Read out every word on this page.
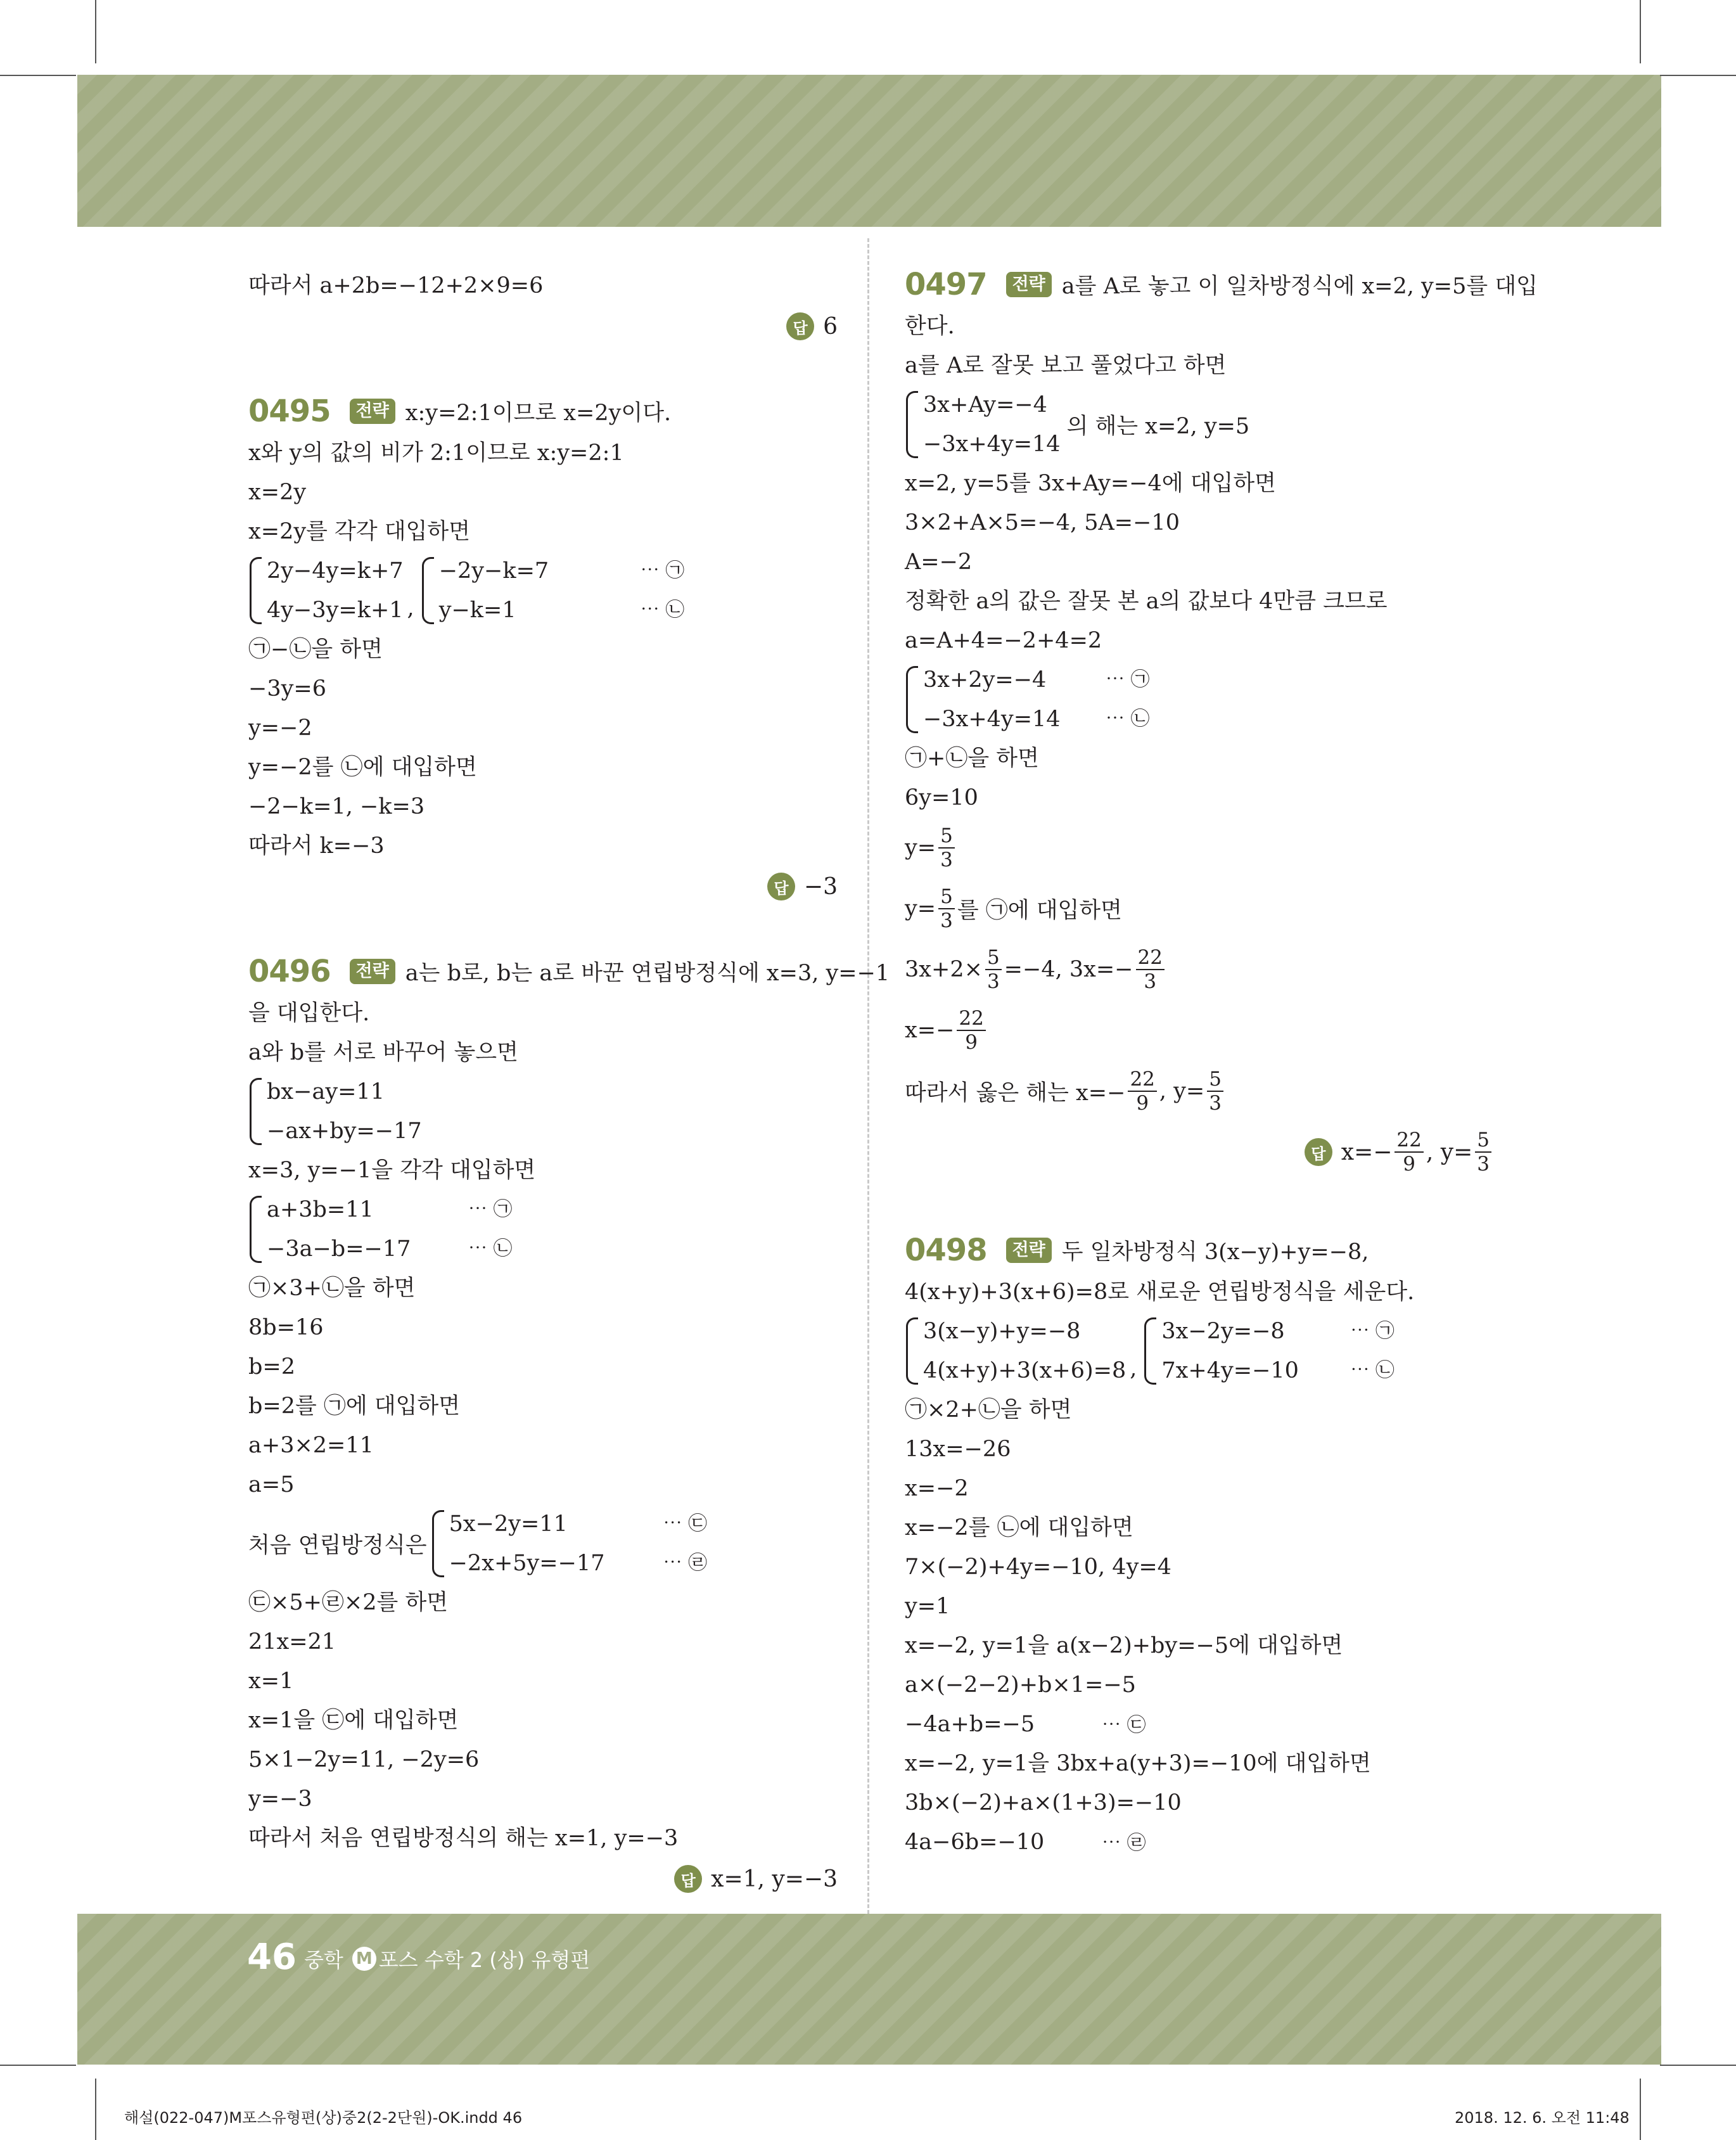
따라서 a+2b=−12+2×9=6
답 6
0495	전략 x:y=2:1이므로 x=2y이다.
x와 y의 값의 비가 2:1이므로 x:y=2:1
x=2y
x=2y를 각각 대입하면
2y−4y=k+7
4y−3y=k+1 ,
−2y−k=7
y−k=1
⋯ ㉠
⋯ ㉡
㉠−㉡을 하면
−3y=6
y=−2
y=−2를 ㉡에 대입하면
−2−k=1, −k=3
따라서 k=−3
답 −3
0496	전략 a는 b로, b는 a로 바꾼 연립방정식에 x=3, y=−1
을 대입한다.
a와 b를 서로 바꾸어 놓으면
bx−ay=11
−ax+by=−17
x=3, y=−1을 각각 대입하면
a+3b=11
−3a−b=−17
⋯ ㉠
⋯ ㉡
㉠×3+㉡을 하면
8b=16
b=2
b=2를 ㉠에 대입하면
a+3×2=11
a=5
처음 연립방정식은
5x−2y=11
−2x+5y=−17
⋯ ㉢
⋯ ㉣
㉢×5+㉣×2를 하면
21x=21
x=1
x=1을 ㉢에 대입하면
5×1−2y=11, −2y=6
y=−3
따라서 처음 연립방정식의 해는 x=1, y=−3
답 x=1, y=−3
0497	전략 a를 A로 놓고 이 일차방정식에 x=2, y=5를 대입
한다.
a를 A로 잘못 보고 풀었다고 하면
3x+Ay=−4
−3x+4y=14
의 해는 x=2, y=5
x=2, y=5를 3x+Ay=−4에 대입하면
3×2+A×5=−4, 5A=−10
A=−2
정확한 a의 값은 잘못 본 a의 값보다 4만큼 크므로
a=A+4=−2+4=2
3x+2y=−4
−3x+4y=14
⋯ ㉠
⋯ ㉡
㉠+㉡을 하면
6y=10
$y= \frac{5}{3}$
$y= \frac{5}{3}$ 를 ㉠에 대입하면
$3x+2\times \frac{5}{3} =-4$, $3x=- \frac{22}{3}$
$x=- \frac{22}{9}$
따라서 옳은 해는 $x=- \frac{22}{9}$ , $y= \frac{5}{3}$
답 $x=- \frac{22}{9}$ , $y= \frac{5}{3}$
0498	전략 두 일차방정식 3(x−y)+y=−8,
4(x+y)+3(x+6)=8로 새로운 연립방정식을 세운다.
3(x−y)+y=−8
4(x+y)+3(x+6)=8 ,
3x−2y=−8
7x+4y=−10
⋯ ㉠
⋯ ㉡
㉠×2+㉡을 하면
13x=−26
x=−2
x=−2를 ㉡에 대입하면
7×(−2)+4y=−10, 4y=4
y=1
x=−2, y=1을 a(x−2)+by=−5에 대입하면
a×(−2−2)+b×1=−5
−4a+b=−5	⋯ ㉢
x=−2, y=1을 3bx+a(y+3)=−10에 대입하면
3b×(−2)+a×(1+3)=−10
4a−6b=−10	⋯ ㉣
46 중학 M 포스 수학 2 (상) 유형편
해설(022-047)M포스유형편(상)중2(2-2단원)-OK.indd 46	2018. 12. 6. 오전 11:48
